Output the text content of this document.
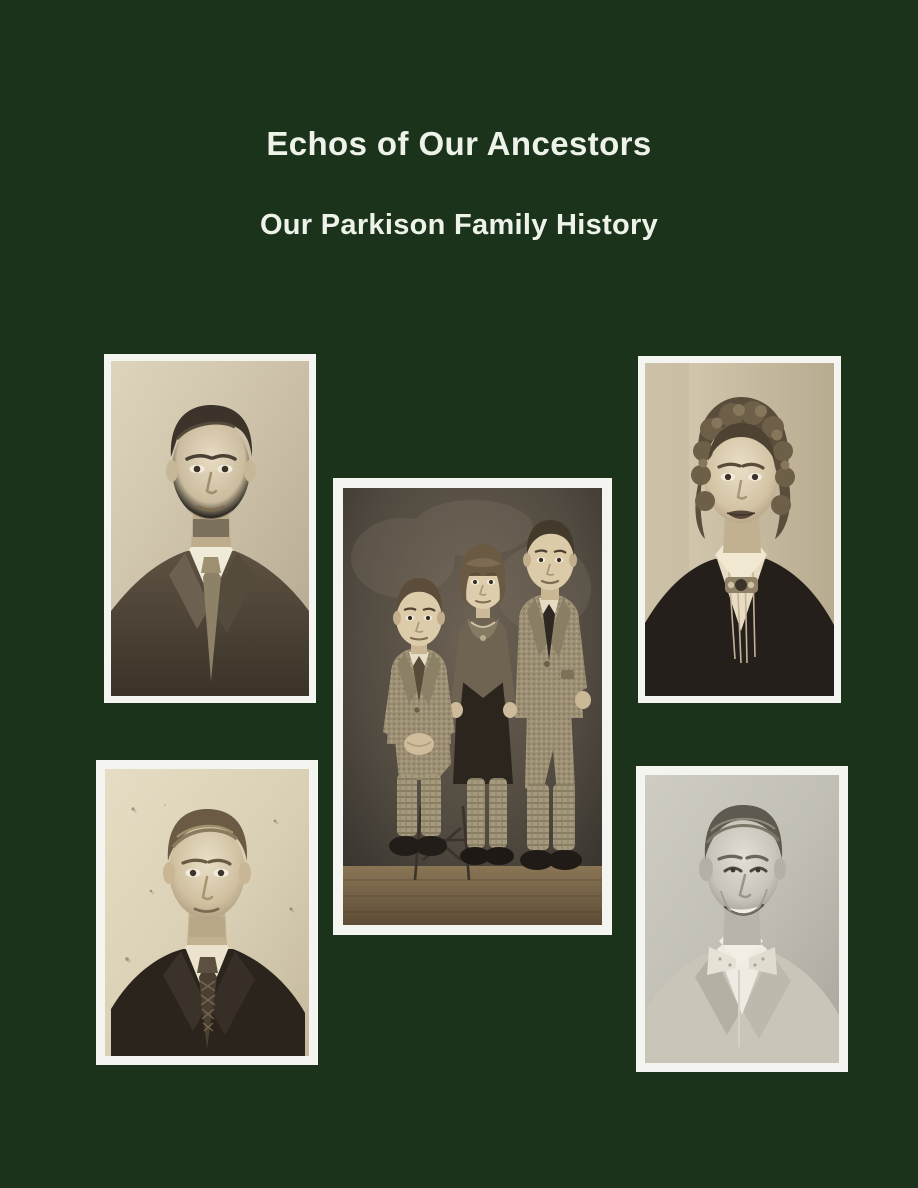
Echos of Our Ancestors
Our Parkison Family History
